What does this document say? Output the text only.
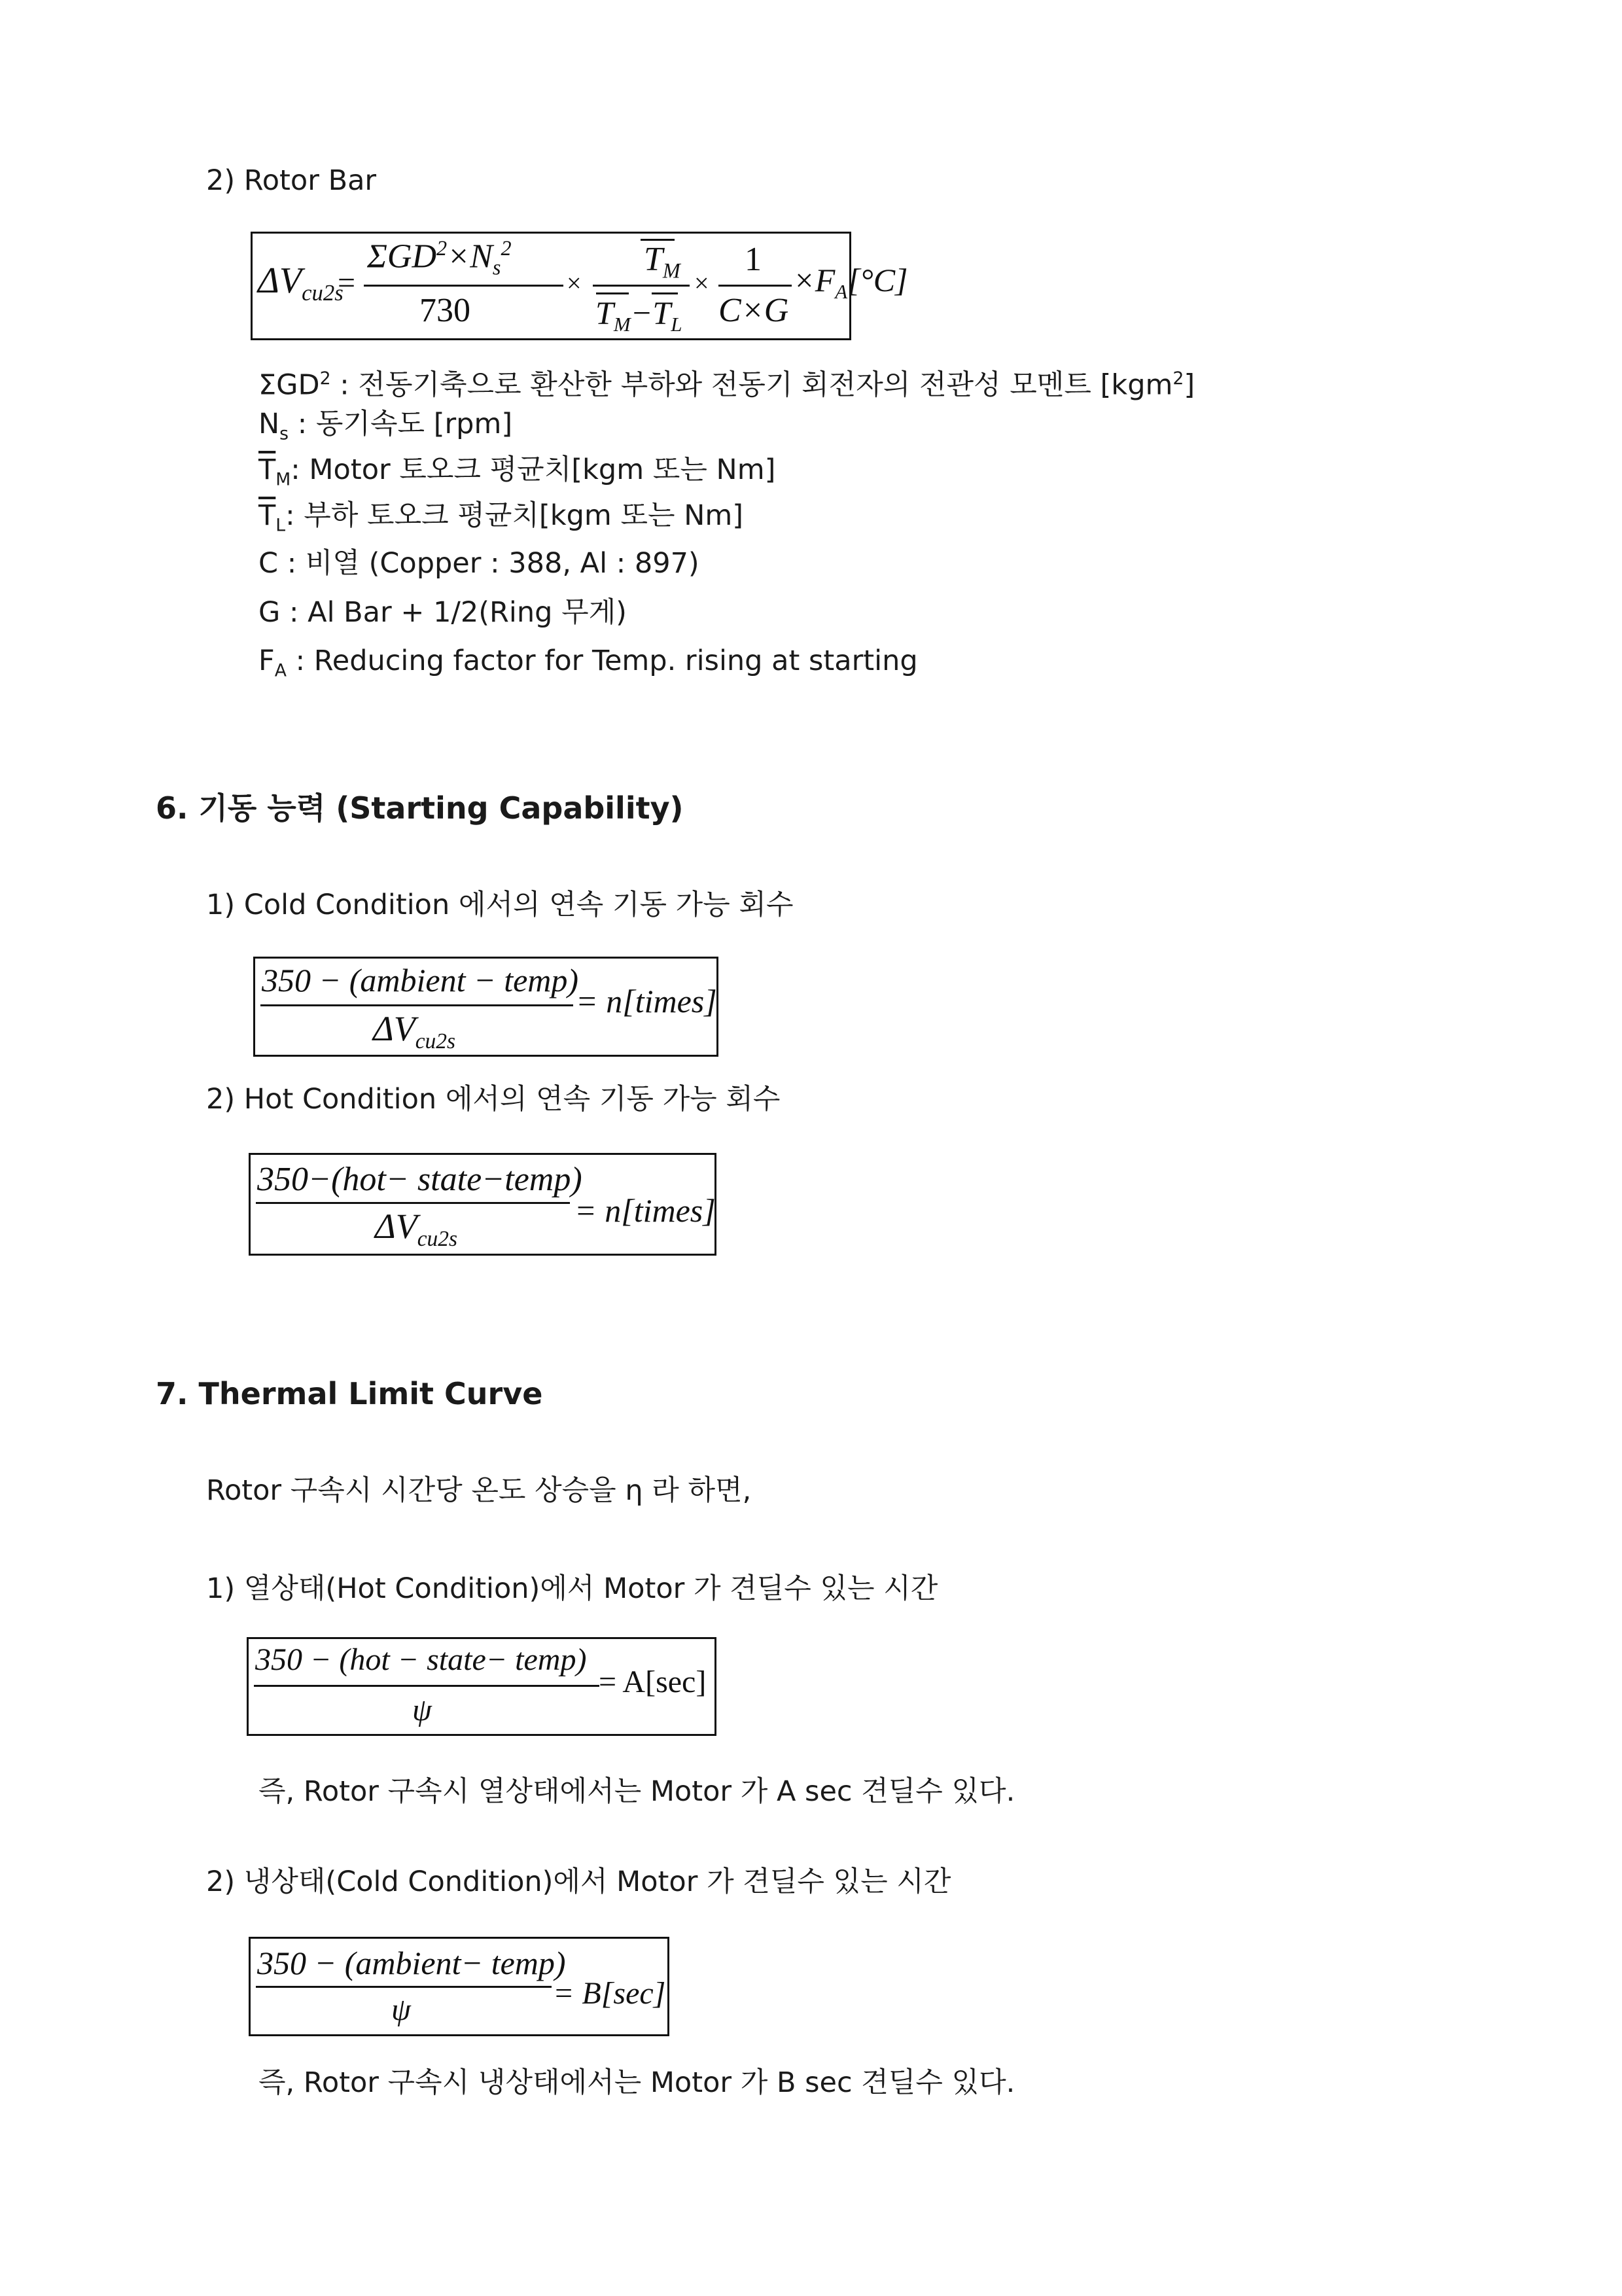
2) Rotor Bar
$\Delta V_{cu2s}$
=
$\Sigma GD^2\times N_s^2$
730
×
$T_M$
$T_M-T_L$
×
1
C×G
$\times F_A[^\circ C]$
ΣGD$^2$ : 전동기축으로 환산한 부하와 전동기 회전자의 전관성 모멘트 [kgm$^2$]
$N_s$ : 동기속도 [rpm]
$\overline{T}_M$: Motor 토오크 평균치[kgm 또는 Nm]
$\overline{T}_L$: 부하 토오크 평균치[kgm 또는 Nm]
C : 비열 (Copper : 388, Al : 897)
G : Al Bar + 1/2(Ring 무게)
$F_A$ : Reducing factor for Temp. rising at starting
6. 기동 능력 (Starting Capability)
1) Cold Condition 에서의 연속 기동 가능 회수
350 − (ambient − temp)
$\Delta V_{cu2s}$
= n[times]
2) Hot Condition 에서의 연속 기동 가능 회수
350−(hot− state−temp)
$\Delta V_{cu2s}$
= n[times]
7. Thermal Limit Curve
Rotor 구속시 시간당 온도 상승을 η 라 하면,
1) 열상태(Hot Condition)에서 Motor 가 견딜수 있는 시간
350 − (hot − state− temp)
ψ
= A[sec]
즉, Rotor 구속시 열상태에서는 Motor 가 A sec 견딜수 있다.
2) 냉상태(Cold Condition)에서 Motor 가 견딜수 있는 시간
350 − (ambient− temp)
ψ	= B[sec]
즉, Rotor 구속시 냉상태에서는 Motor 가 B sec 견딜수 있다.
